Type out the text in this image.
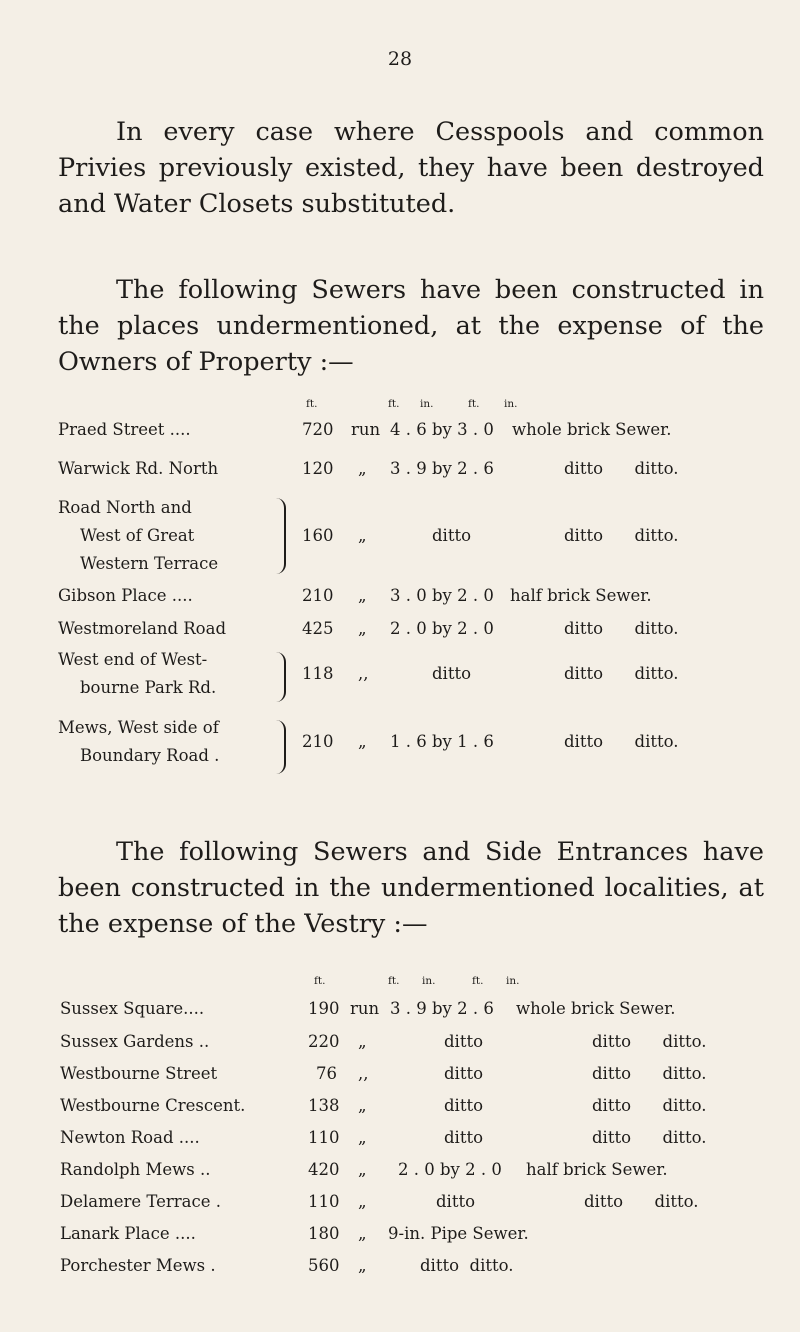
28
In every case where Cesspools and common Privies previously existed, they have been destroyed and Water Closets substituted.
The following Sewers have been constructed in the places undermentioned, at the expense of the Owners of Property :—
ft.	ft. in.	ft. in.
Praed Street ....	720 run 4 . 6 by 3 . 0 whole brick Sewer.
Warwick Rd. North	120 „ 3 . 9 by 2 . 6	ditto      ditto.
Road North and
West of Great
Western Terrace
160 „	ditto	ditto      ditto.
Gibson Place ....	210 „ 3 . 0 by 2 . 0 half brick Sewer.
Westmoreland Road	425 „ 2 . 0 by 2 . 0	ditto      ditto.
West end of West-
bourne Park Rd.
118 ,,	ditto	ditto      ditto.
Mews, West side of
Boundary Road .
210 „ 1 . 6 by 1 . 6	ditto      ditto.
The following Sewers and Side Entrances have been constructed in the undermentioned localities, at the expense of the Vestry :—
ft.	ft. in.	ft. in.
Sussex Square....	190 run 3 . 9 by 2 . 6 whole brick Sewer.
Sussex Gardens ..	220 „	ditto	ditto      ditto.
Westbourne Street	76 ,,	ditto	ditto      ditto.
Westbourne Crescent.	138 „	ditto	ditto      ditto.
Newton Road ....	110 „	ditto	ditto      ditto.
Randolph Mews ..	420 „ 2 . 0 by 2 . 0 half brick Sewer.
Delamere Terrace .	110 „	ditto	ditto      ditto.
Lanark Place ....	180 „ 9-in. Pipe Sewer.
Porchester Mews .	560 „	ditto  ditto.
